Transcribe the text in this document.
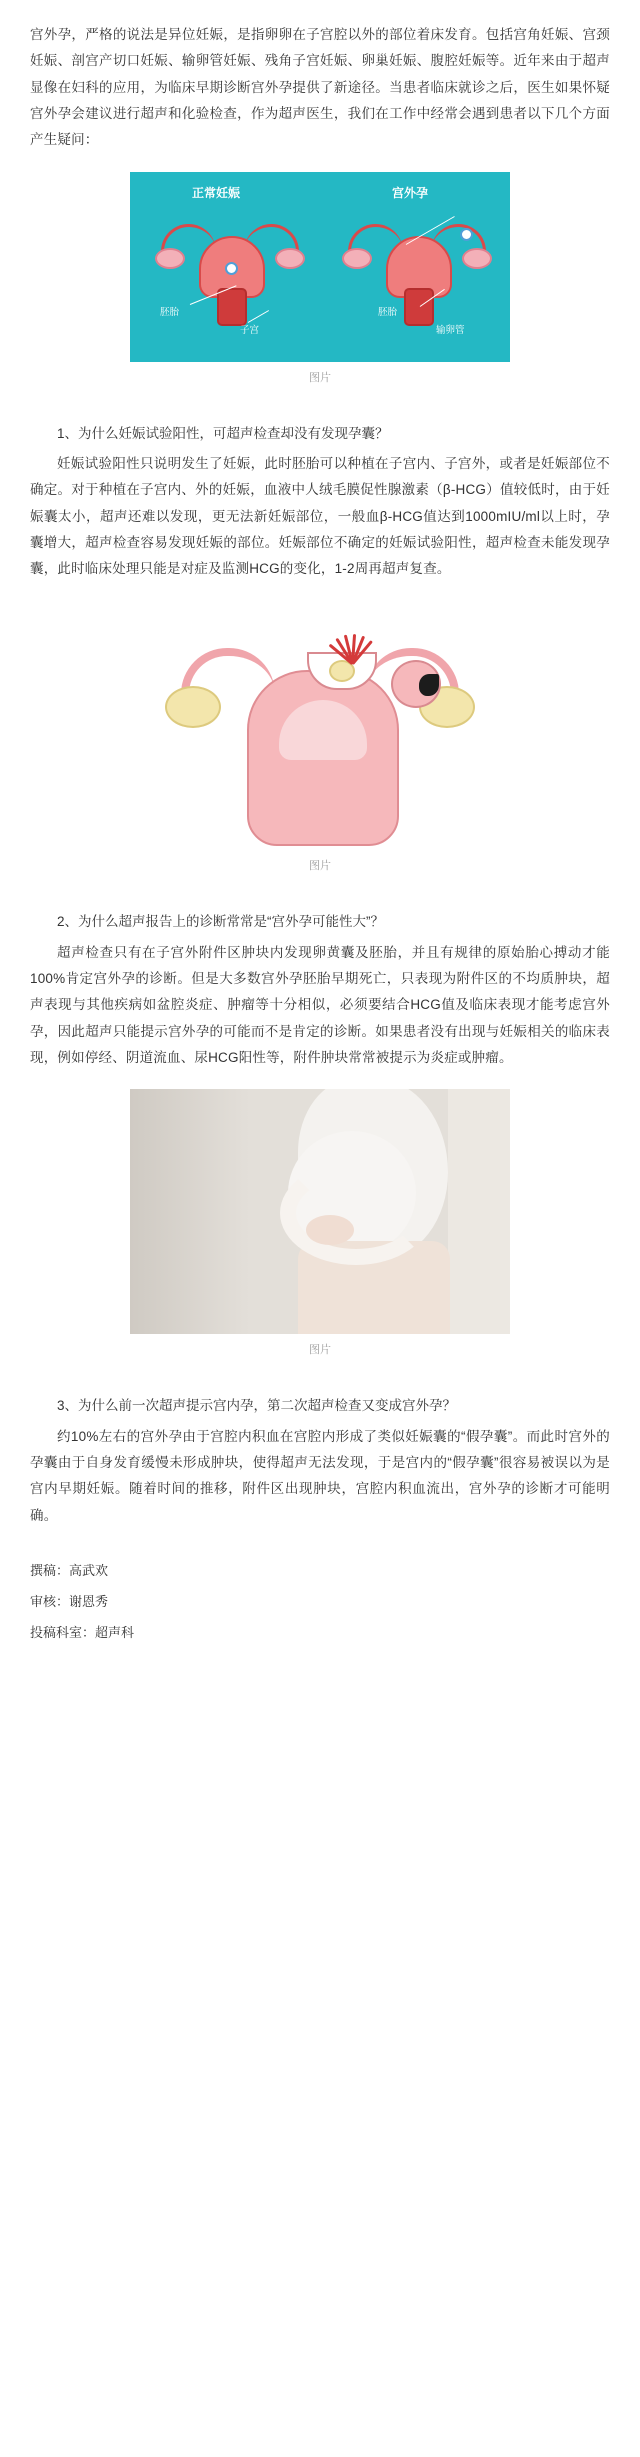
宫外孕，严格的说法是异位妊娠，是指卵卵在子宫腔以外的部位着床发育。包括宫角妊娠、宫颈妊娠、剖宫产切口妊娠、输卵管妊娠、残角子宫妊娠、卵巢妊娠、腹腔妊娠等。近年来由于超声显像在妇科的应用，为临床早期诊断宫外孕提供了新途径。当患者临床就诊之后，医生如果怀疑宫外孕会建议进行超声和化验检查，作为超声医生，我们在工作中经常会遇到患者以下几个方面产生疑问：

正常妊娠	宫外孕
胚胎
子宫
胚胎
输卵管
图片

1、为什么妊娠试验阳性，可超声检查却没有发现孕囊？

妊娠试验阳性只说明发生了妊娠，此时胚胎可以种植在子宫内、子宫外，或者是妊娠部位不确定。对于种植在子宫内、外的妊娠，血液中人绒毛膜促性腺激素（β-HCG）值较低时，由于妊娠囊太小，超声还难以发现，更无法新妊娠部位，一般血β-HCG值达到1000mIU/ml以上时，孕囊增大，超声检查容易发现妊娠的部位。妊娠部位不确定的妊娠试验阳性，超声检查未能发现孕囊，此时临床处理只能是对症及监测HCG的变化，1-2周再超声复查。

图片

2、为什么超声报告上的诊断常常是“宫外孕可能性大”？

超声检查只有在子宫外附件区肿块内发现卵黄囊及胚胎，并且有规律的原始胎心搏动才能100%肯定宫外孕的诊断。但是大多数宫外孕胚胎早期死亡，只表现为附件区的不均质肿块，超声表现与其他疾病如盆腔炎症、肿瘤等十分相似，必须要结合HCG值及临床表现才能考虑宫外孕，因此超声只能提示宫外孕的可能而不是肯定的诊断。如果患者没有出现与妊娠相关的临床表现，例如停经、阴道流血、尿HCG阳性等，附件肿块常常被提示为炎症或肿瘤。

图片

3、为什么前一次超声提示宫内孕，第二次超声检查又变成宫外孕？

约10%左右的宫外孕由于宫腔内积血在宫腔内形成了类似妊娠囊的“假孕囊”。而此时宫外的孕囊由于自身发育缓慢未形成肿块，使得超声无法发现，于是宫内的“假孕囊”很容易被误以为是宫内早期妊娠。随着时间的推移，附件区出现肿块，宫腔内积血流出，宫外孕的诊断才可能明确。

撰稿：高武欢
审核：谢恩秀
投稿科室：超声科
